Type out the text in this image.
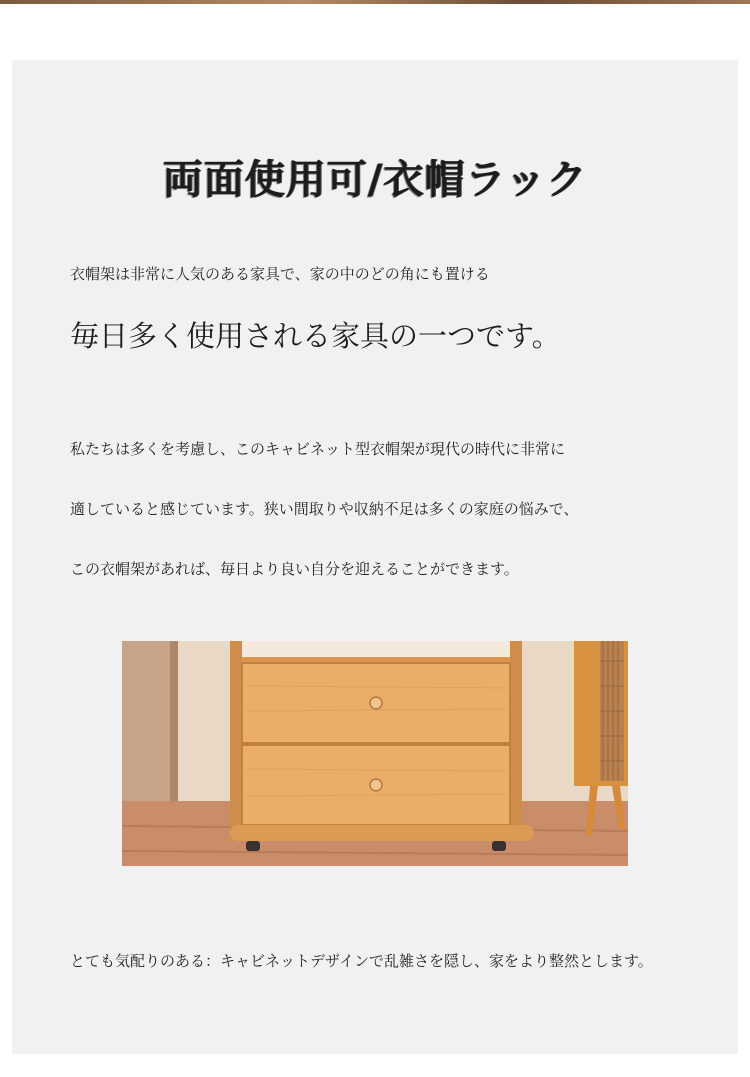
両面使用可/衣帽ラック
衣帽架は非常に人気のある家具で、家の中のどの角にも置ける
毎日多く使用される家具の一つです。
私たちは多くを考慮し、このキャビネット型衣帽架が現代の時代に非常に
適していると感じています。狭い間取りや収納不足は多くの家庭の悩みで、
この衣帽架があれば、毎日より良い自分を迎えることができます。
とても気配りのある：キャビネットデザインで乱雑さを隠し、家をより整然とします。
